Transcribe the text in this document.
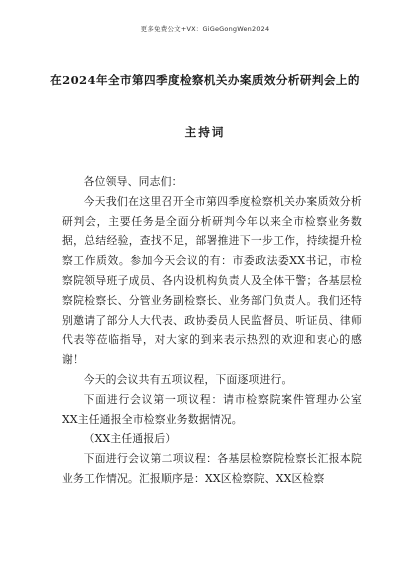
更多免费公文+VX：GiGeGongWen2024
在2024年全市第四季度检察机关办案质效分析研判会上的
主持词

各位领导、同志们：

今天我们在这里召开全市第四季度检察机关办案质效分析研判会，主要任务是全面分析研判今年以来全市检察业务数据，总结经验，查找不足，部署推进下一步工作，持续提升检察工作质效。参加今天会议的有：市委政法委XX书记，市检察院领导班子成员、各内设机构负责人及全体干警；各基层检察院检察长、分管业务副检察长、业务部门负责人。我们还特别邀请了部分人大代表、政协委员人民监督员、听证员、律师代表等莅临指导，对大家的到来表示热烈的欢迎和衷心的感谢！

今天的会议共有五项议程，下面逐项进行。

下面进行会议第一项议程：请市检察院案件管理办公室XX主任通报全市检察业务数据情况。

（XX主任通报后）

下面进行会议第二项议程：各基层检察院检察长汇报本院业务工作情况。汇报顺序是：XX区检察院、XX区检察
